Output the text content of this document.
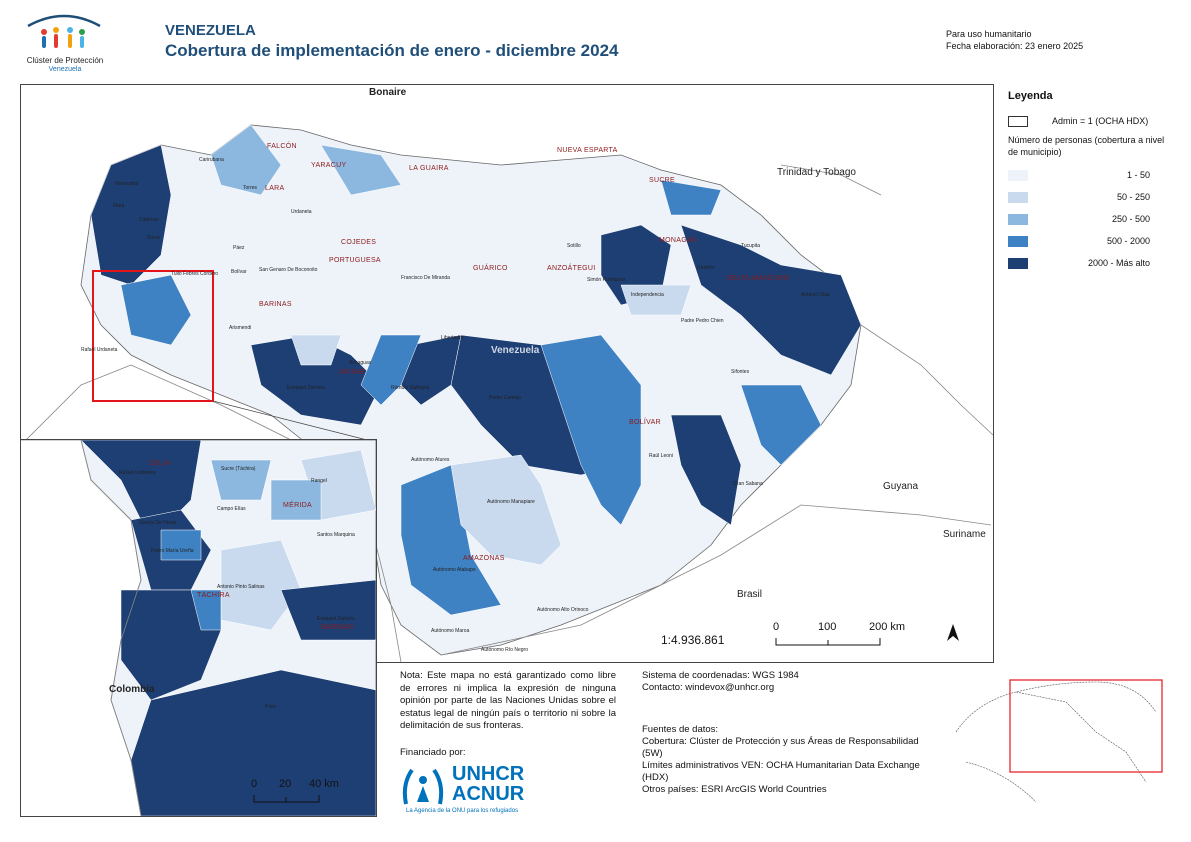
Clúster de Protección
Venezuela
VENEZUELA
Cobertura de implementación de enero - diciembre 2024
Para uso humanitario
Fecha elaboración: 23 enero 2025
Bonaire
Trinidad y Tobago
Guyana
Suriname
Brasil
Venezuela
FALCÓN
LARA
YARACUY	LA GUAIRA
NUEVA ESPARTA
SUCRE
COJEDES
PORTUGUESA
GUÁRICO	ANZOÁTEGUI
MONAGAS
DELTA AMACURO
BARINAS
APURE
BOLÍVAR
AMAZONAS
Francisco De Miranda
Independencia
Simón Rodríguez
Pedro Camejo
Rómulo Gallegos
Achaguas
Autónomo Manapiare
Autónomo Atabapo
Autónomo Alto Orinoco
Autónomo Maroa
Autónomo Río Negro
Padre Pedro Chien
Raúl Leoni
Sifontes
Cedeño
Gran Sabana
Antonio Díaz
Tucupita
Sotillo
Carirubana
Maracaibo
Mara
Cabimas
Sucre
Autónomo Atures
Ezequiel Zamora
Libertador
Páez
Tulio Febres Cordero
Torres
Urdaneta
Arismendi
Bolívar San Genaro De Boconoito
Rafael Urdaneta
1:4.936.861
0	100	200 km
Colombia
MÉRIDA
TÁCHIRA
ZULIA
BARINAS
Rafael Urdaneta
Sucre (Táchira)
García De Hevia
Pedro María Ureña
Campo Elías
Rangel
Santos Marquina
Antonio Pinto Salinas
Ezequiel Zamora
Páez
0 20 40 km
Leyenda
Admin = 1 (OCHA HDX)
Número de personas (cobertura a nivel de municipio)
1 - 50
50 - 250
250 - 500
500 - 2000
2000 - Más alto
Nota: Este mapa no está garantizado como libre de errores ni implica la expresión de ninguna opinión por parte de las Naciones Unidas sobre el estatus legal de ningún país o territorio ni sobre la delimitación de sus fronteras.
Financiado por:
UNHCR
ACNUR
La Agencia de la ONU para los refugiados
Sistema de coordenadas: WGS 1984
Contacto: windevox@unhcr.org
Fuentes de datos:
Cobertura: Clúster de Protección y sus Áreas de Responsabilidad (5W)
Límites administrativos VEN: OCHA Humanitarian Data Exchange (HDX)
Otros países: ESRI ArcGIS World Countries
